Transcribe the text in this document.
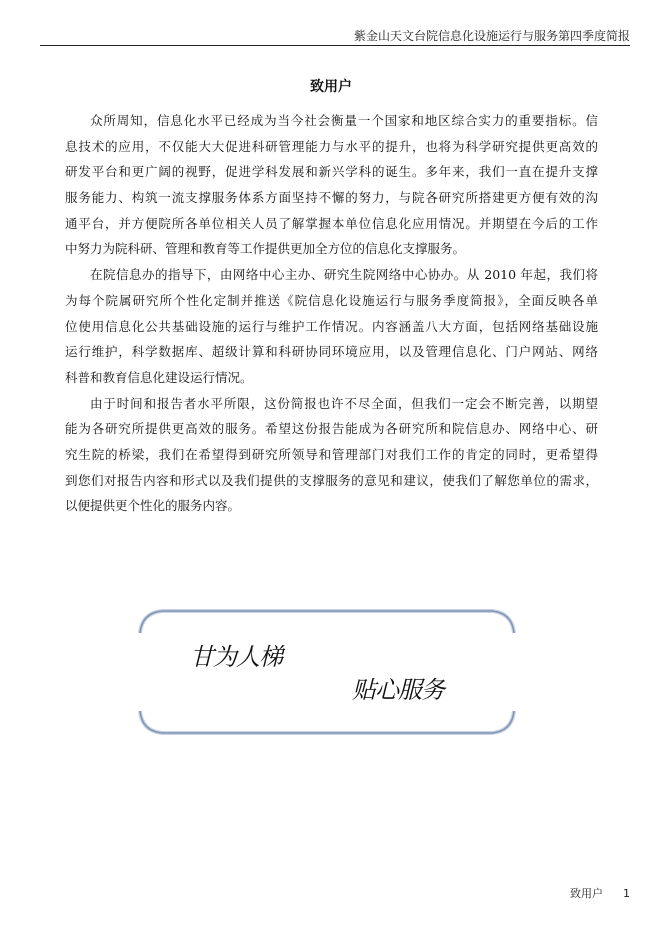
紫金山天文台院信息化设施运行与服务第四季度简报
致用户
众所周知，信息化水平已经成为当今社会衡量一个国家和地区综合实力的重要指标。信
息技术的应用，不仅能大大促进科研管理能力与水平的提升，也将为科学研究提供更高效的
研发平台和更广阔的视野，促进学科发展和新兴学科的诞生。多年来，我们一直在提升支撑
服务能力、构筑一流支撑服务体系方面坚持不懈的努力，与院各研究所搭建更方便有效的沟
通平台，并方便院所各单位相关人员了解掌握本单位信息化应用情况。并期望在今后的工作
中努力为院科研、管理和教育等工作提供更加全方位的信息化支撑服务。
在院信息办的指导下，由网络中心主办、研究生院网络中心协办。从 2010 年起，我们将
为每个院属研究所个性化定制并推送《院信息化设施运行与服务季度简报》，全面反映各单
位使用信息化公共基础设施的运行与维护工作情况。内容涵盖八大方面，包括网络基础设施
运行维护，科学数据库、超级计算和科研协同环境应用，以及管理信息化、门户网站、网络
科普和教育信息化建设运行情况。
由于时间和报告者水平所限，这份简报也许不尽全面，但我们一定会不断完善，以期望
能为各研究所提供更高效的服务。希望这份报告能成为各研究所和院信息办、网络中心、研
究生院的桥梁，我们在希望得到研究所领导和管理部门对我们工作的肯定的同时，更希望得
到您们对报告内容和形式以及我们提供的支撑服务的意见和建议，使我们了解您单位的需求，
以便提供更个性化的服务内容。
甘为人梯
贴心服务
致用户 1
